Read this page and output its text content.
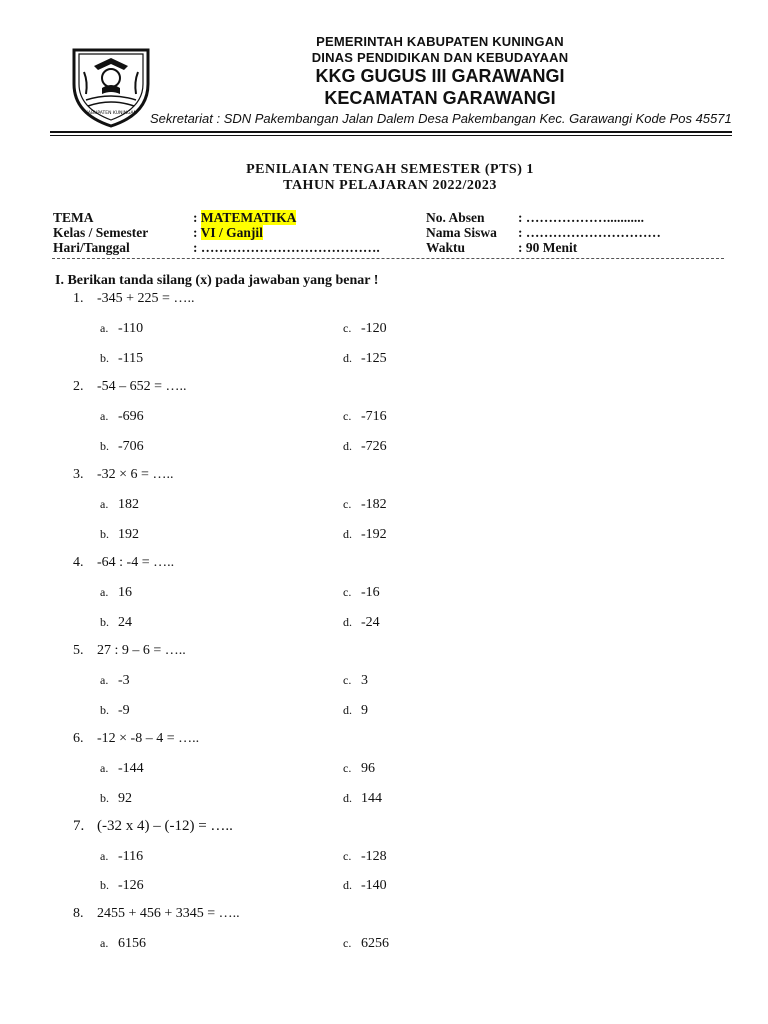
KABUPATEN KUNINGAN
PEMERINTAH KABUPATEN KUNINGAN
DINAS PENDIDIKAN DAN KEBUDAYAAN
KKG GUGUS III GARAWANGI
KECAMATAN GARAWANGI
Sekretariat : SDN Pakembangan Jalan Dalem Desa Pakembangan Kec. Garawangi Kode Pos 45571
PENILAIAN TENGAH SEMESTER (PTS) 1
TAHUN PELAJARAN 2022/2023
TEMA	: MATEMATIKA
Kelas / Semester	: VI / Ganjil
Hari/Tanggal	: ………………………………….
No. Absen : ………………...........
Nama Siswa : …………………………
Waktu	: 90 Menit
I. Berikan tanda silang (x) pada jawaban yang benar !
1. -345 + 225 = …..
a. -110	c. -120
b. -115	d. -125
2. -54 – 652 = …..
a. -696	c. -716
b. -706	d. -726
3. -32 × 6 = …..
a. 182	c. -182
b. 192	d. -192
4. -64 : -4 = …..
a. 16	c. -16
b. 24	d. -24
5. 27 : 9 – 6 = …..
a. -3	c. 3
b. -9	d. 9
6. -12 × -8 – 4 = …..
a. -144	c. 96
b. 92	d. 144
7. (-32 x 4) – (-12) = …..
a. -116	c. -128
b. -126	d. -140
8. 2455 + 456 + 3345 = …..
a. 6156	c. 6256
